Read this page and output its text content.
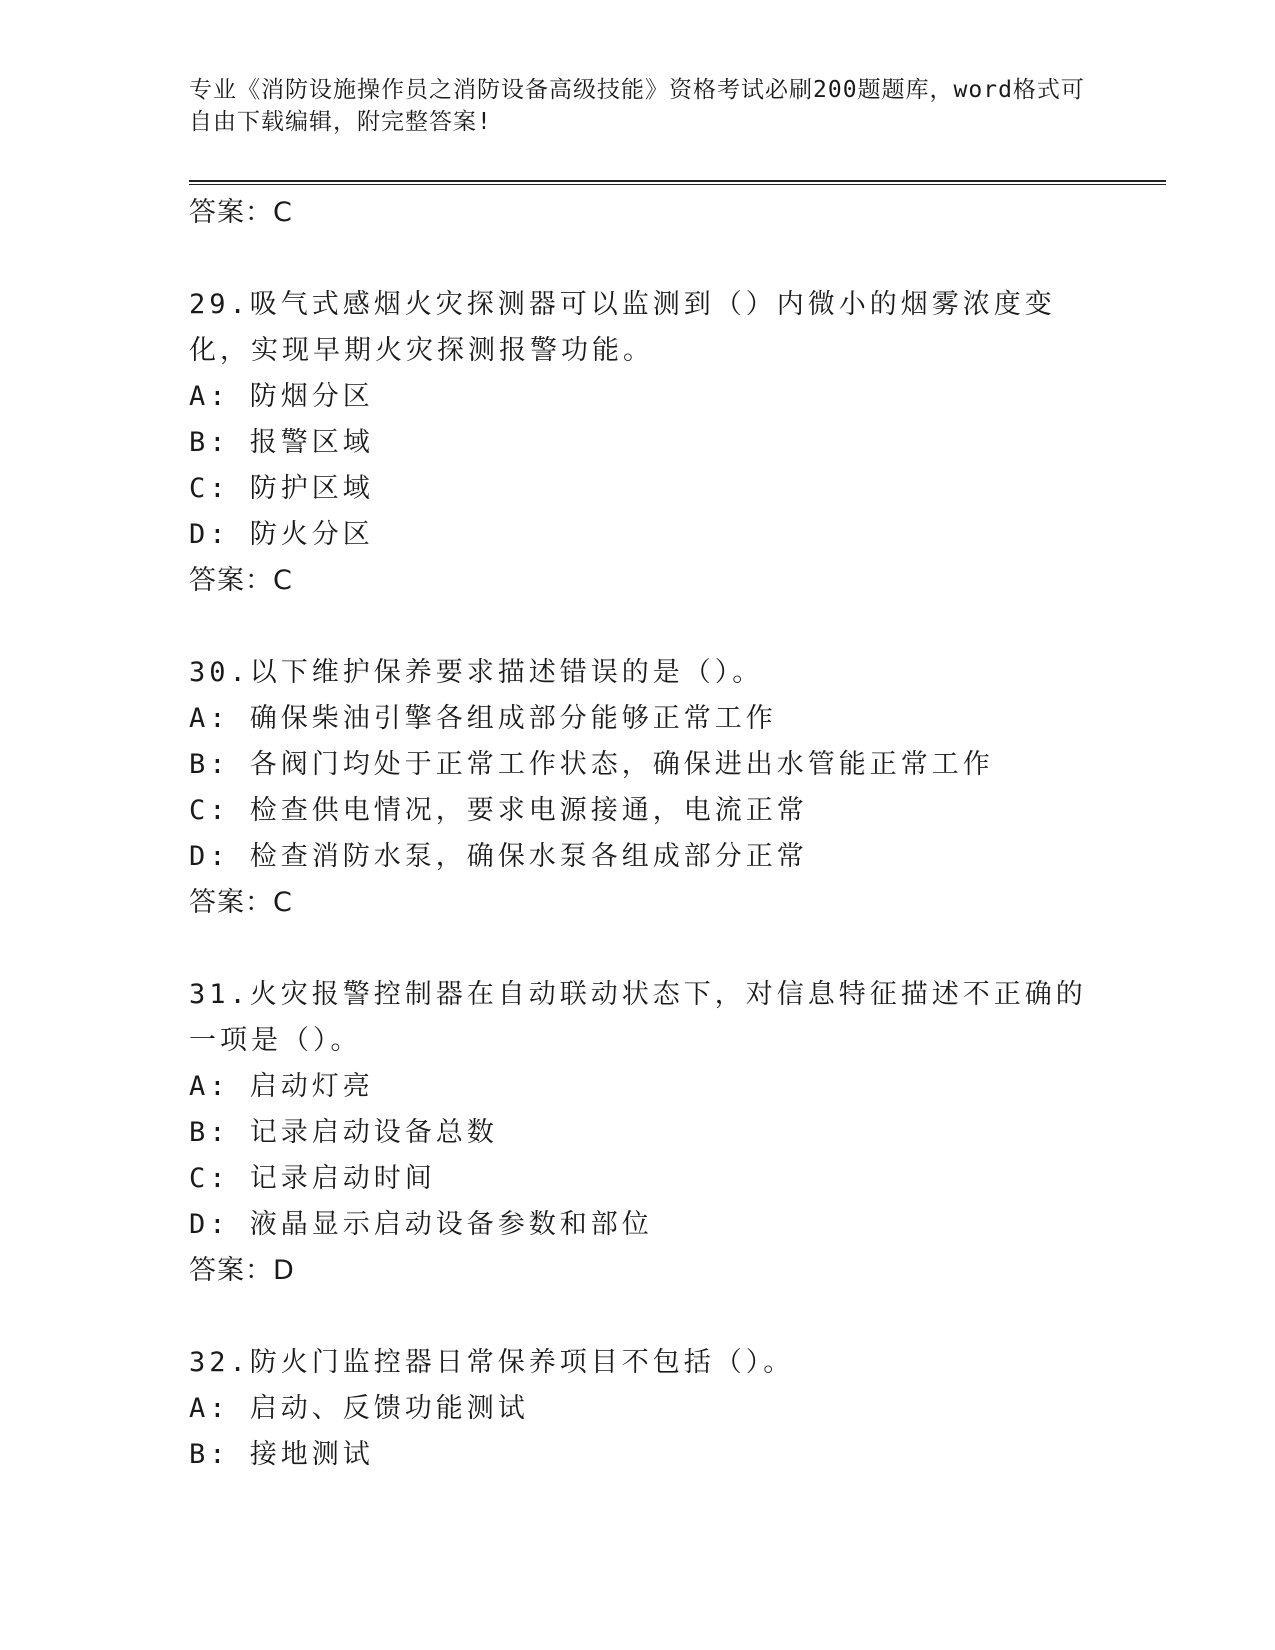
专业《消防设施操作员之消防设备高级技能》资格考试必刷200题题库，word格式可自由下载编辑，附完整答案!
答案：C
29.吸气式感烟火灾探测器可以监测到（）内微小的烟雾浓度变化，实现早期火灾探测报警功能。
A: 防烟分区
B: 报警区域
C: 防护区域
D: 防火分区
答案：C
30.以下维护保养要求描述错误的是（）。
A: 确保柴油引擎各组成部分能够正常工作
B: 各阀门均处于正常工作状态，确保进出水管能正常工作
C: 检查供电情况，要求电源接通，电流正常
D: 检查消防水泵，确保水泵各组成部分正常
答案：C
31.火灾报警控制器在自动联动状态下，对信息特征描述不正确的一项是（）。
A: 启动灯亮
B: 记录启动设备总数
C: 记录启动时间
D: 液晶显示启动设备参数和部位
答案：D
32.防火门监控器日常保养项目不包括（）。
A: 启动、反馈功能测试
B: 接地测试
